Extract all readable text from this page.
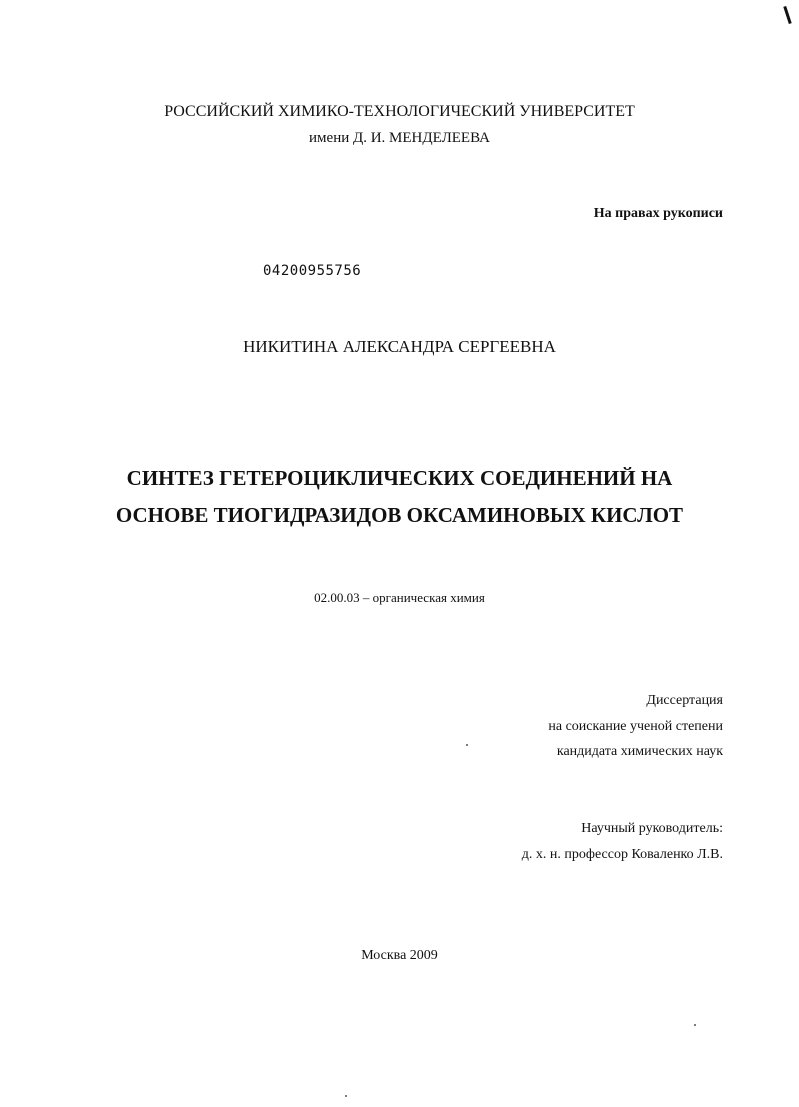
РОССИЙСКИЙ ХИМИКО-ТЕХНОЛОГИЧЕСКИЙ УНИВЕРСИТЕТ
имени Д. И. МЕНДЕЛЕЕВА
На правах рукописи
04200955756
НИКИТИНА АЛЕКСАНДРА СЕРГЕЕВНА
СИНТЕЗ ГЕТЕРОЦИКЛИЧЕСКИХ СОЕДИНЕНИЙ НА
ОСНОВЕ ТИОГИДРАЗИДОВ ОКСАМИНОВЫХ КИСЛОТ
02.00.03 – органическая химия
Диссертация
на соискание ученой степени
кандидата химических наук
Научный руководитель:
д. х. н. профессор Коваленко Л.В.
Москва 2009
